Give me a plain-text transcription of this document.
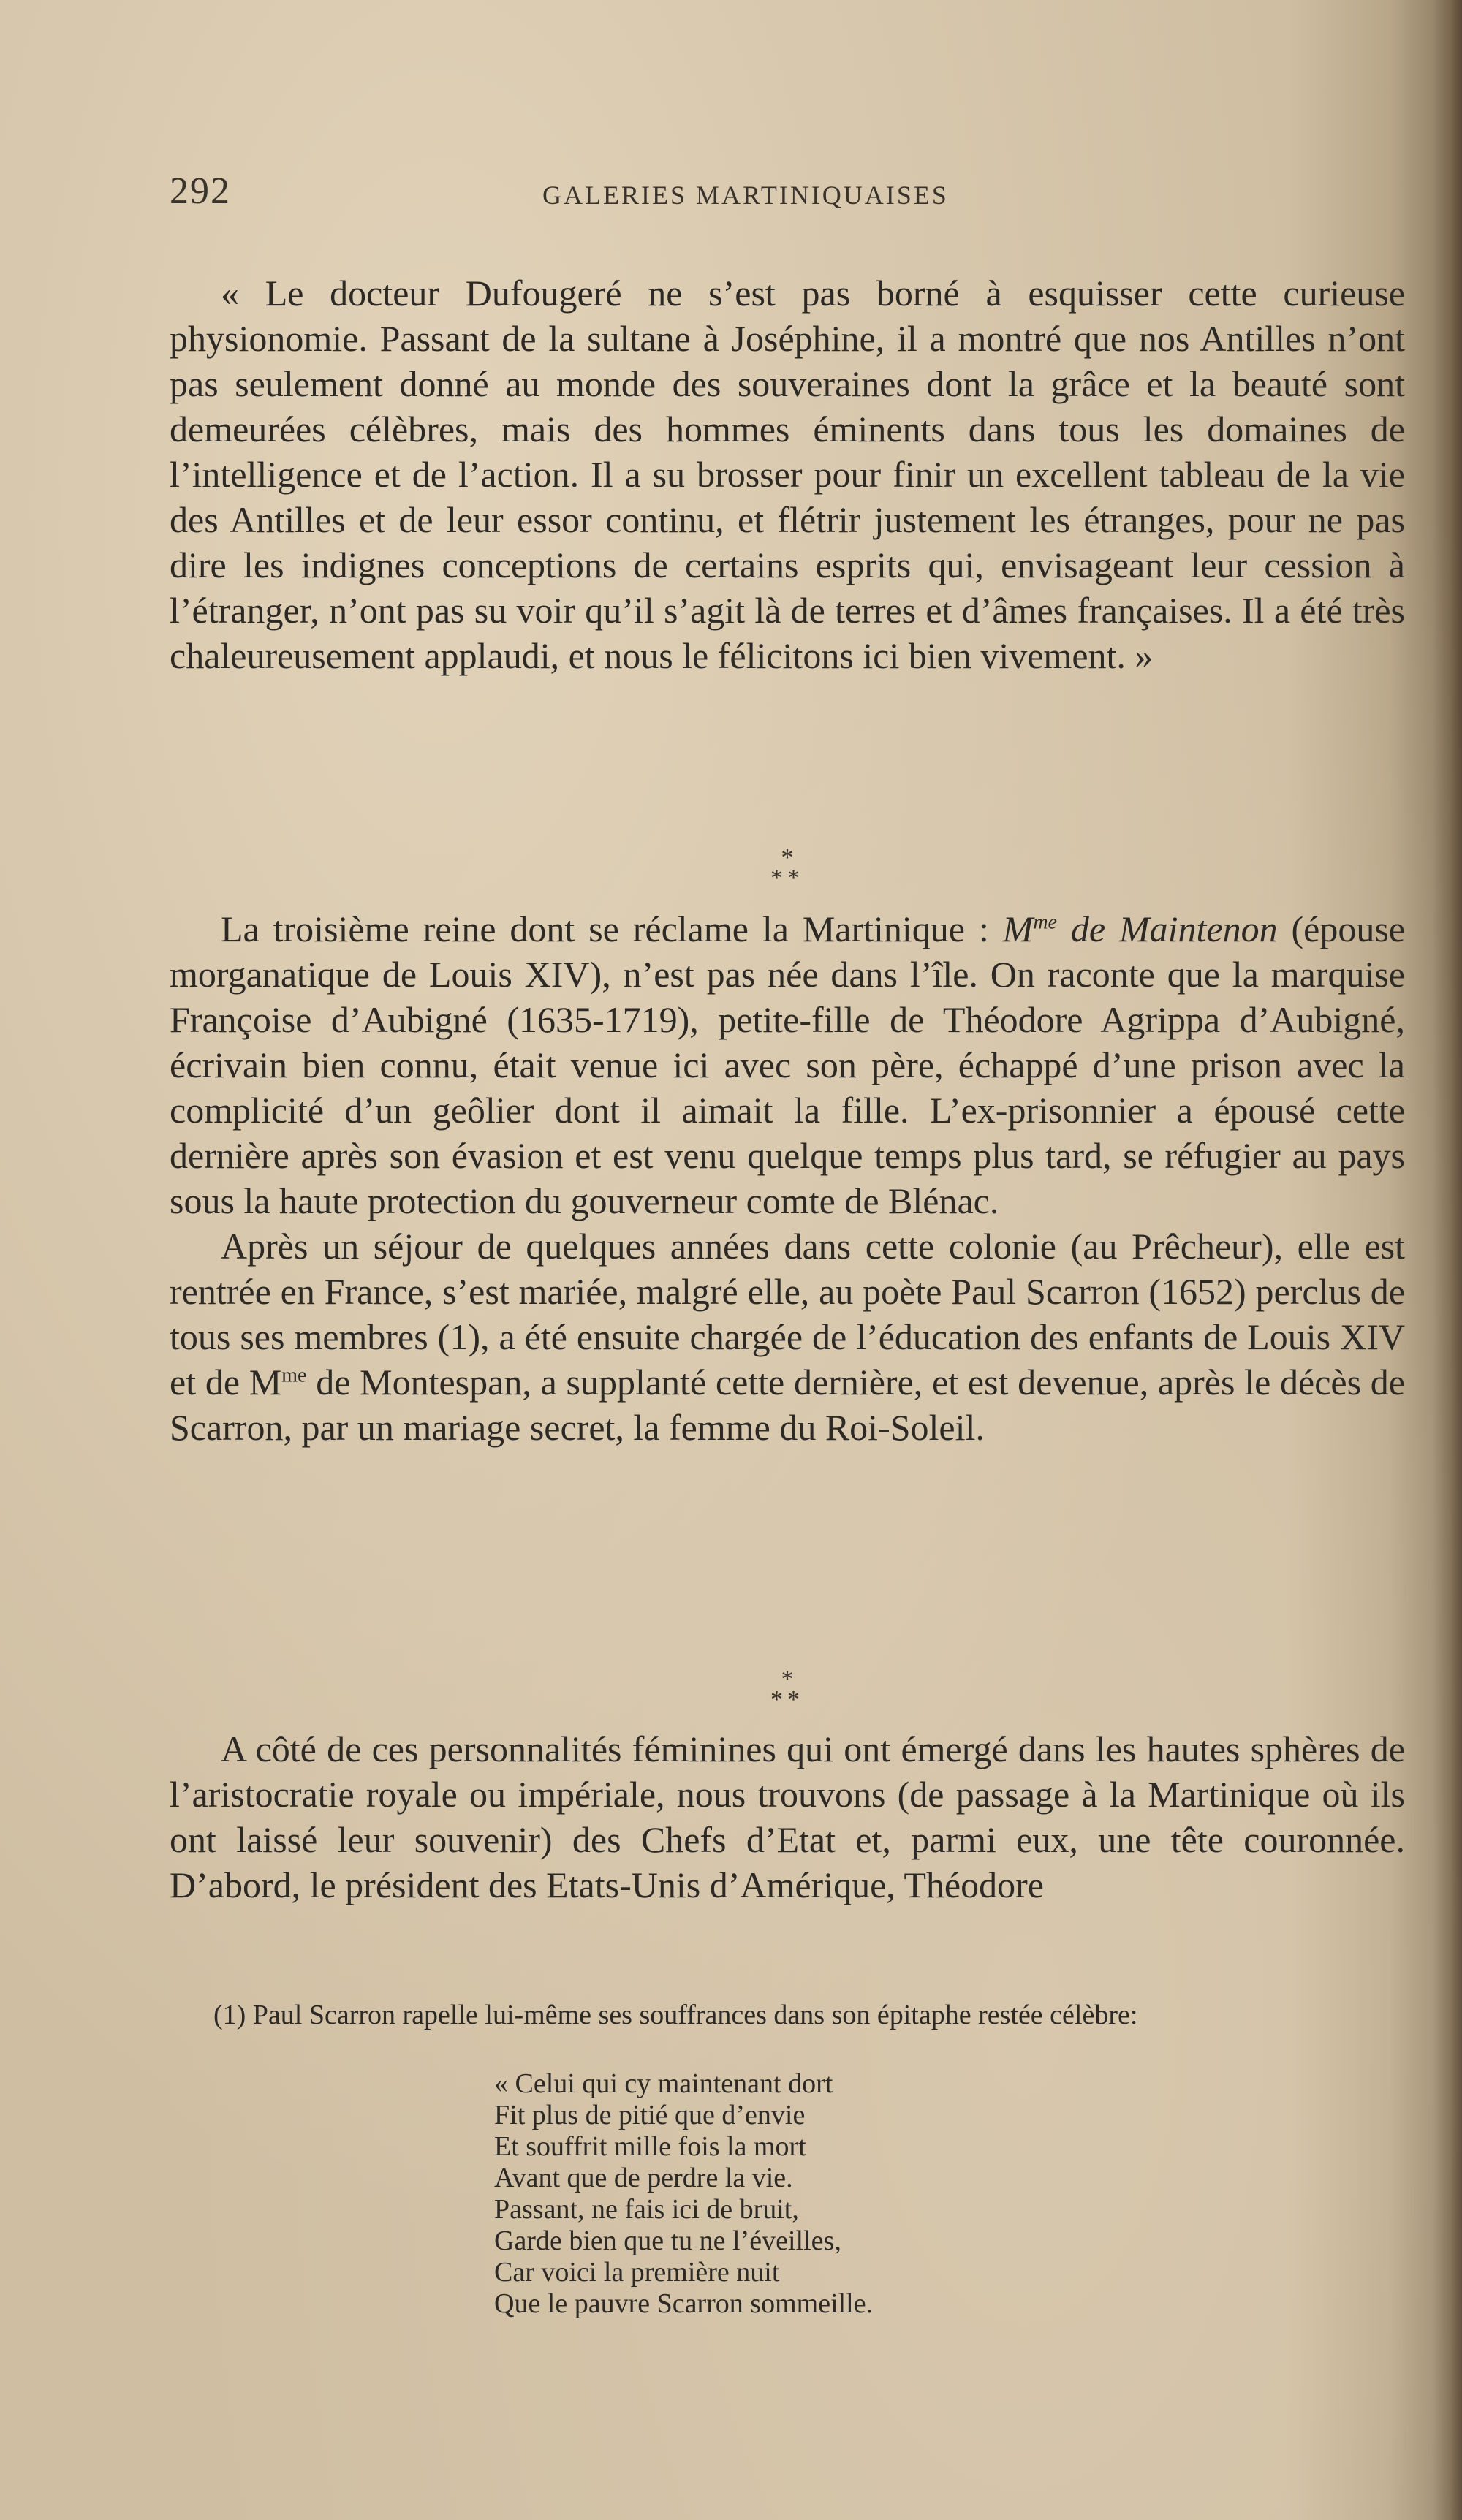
292	GALERIES MARTINIQUAISES

« Le docteur Dufougeré ne s’est pas borné à esquisser cette curieuse physionomie. Passant de la sultane à Joséphine, il a montré que nos Antilles n’ont pas seulement donné au monde des souveraines dont la grâce et la beauté sont demeurées célèbres, mais des hommes éminents dans tous les domaines de l’intelligence et de l’action. Il a su brosser pour finir un excellent tableau de la vie des Antilles et de leur essor continu, et flétrir justement les étranges, pour ne pas dire les indignes conceptions de certains esprits qui, envisageant leur cession à l’étranger, n’ont pas su voir qu’il s’agit là de terres et d’âmes françaises. Il a été très chaleureusement applaudi, et nous le félicitons ici bien vivement. »

*
**

La troisième reine dont se réclame la Martinique : $M^{me}$ de Maintenon (épouse morganatique de Louis XIV), n’est pas née dans l’île. On raconte que la marquise Françoise d’Aubigné (1635-1719), petite-fille de Théodore Agrippa d’Aubigné, écrivain bien connu, était venue ici avec son père, échappé d’une prison avec la complicité d’un geôlier dont il aimait la fille. L’ex-prisonnier a épousé cette dernière après son évasion et est venu quelque temps plus tard, se réfugier au pays sous la haute protection du gouverneur comte de Blénac.

Après un séjour de quelques années dans cette colonie (au Prêcheur), elle est rentrée en France, s’est mariée, malgré elle, au poète Paul Scarron (1652) perclus de tous ses membres (1), a été ensuite chargée de l’éducation des enfants de Louis XIV et de $M^{me}$ de Montespan, a supplanté cette dernière, et est devenue, après le décès de Scarron, par un mariage secret, la femme du Roi-Soleil.

*
**

A côté de ces personnalités féminines qui ont émergé dans les hautes sphères de l’aristocratie royale ou impériale, nous trouvons (de passage à la Martinique où ils ont laissé leur souvenir) des Chefs d’Etat et, parmi eux, une tête couronnée. D’abord, le président des Etats-Unis d’Amérique, Théodore

(1) Paul Scarron rapelle lui-même ses souffrances dans son épitaphe restée célèbre:

« Celui qui cy maintenant dort
Fit plus de pitié que d’envie
Et souffrit mille fois la mort
Avant que de perdre la vie.
Passant, ne fais ici de bruit,
Garde bien que tu ne l’éveilles,
Car voici la première nuit
Que le pauvre Scarron sommeille.
